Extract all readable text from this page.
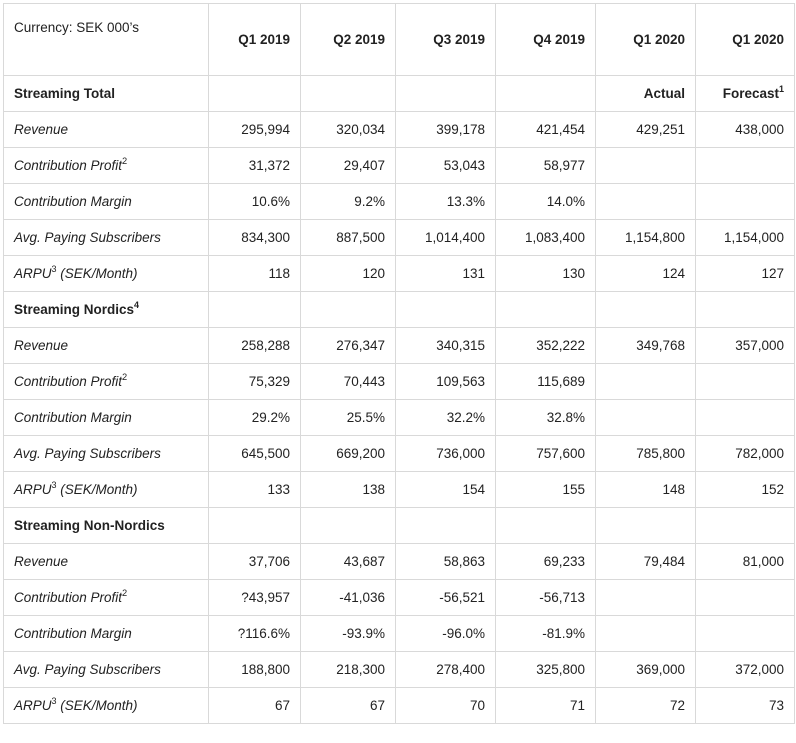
Currency: SEK 000’s	Q1 2019	Q2 2019	Q3 2019	Q4 2019	Q1 2020	Q1 2020
Streaming Total					Actual	Forecast$^1$
Revenue	295,994	320,034	399,178	421,454	429,251	438,000
Contribution Profit$^2$	31,372	29,407	53,043	58,977		
Contribution Margin	10.6%	9.2%	13.3%	14.0%		
Avg. Paying Subscribers	834,300	887,500	1,014,400	1,083,400	1,154,800	1,154,000
ARPU$^3$ (SEK/Month)	118	120	131	130	124	127
Streaming Nordics$^4$						
Revenue	258,288	276,347	340,315	352,222	349,768	357,000
Contribution Profit$^2$	75,329	70,443	109,563	115,689		
Contribution Margin	29.2%	25.5%	32.2%	32.8%		
Avg. Paying Subscribers	645,500	669,200	736,000	757,600	785,800	782,000
ARPU$^3$ (SEK/Month)	133	138	154	155	148	152
Streaming Non-Nordics						
Revenue	37,706	43,687	58,863	69,233	79,484	81,000
Contribution Profit$^2$	?43,957	-41,036	-56,521	-56,713		
Contribution Margin	?116.6%	-93.9%	-96.0%	-81.9%		
Avg. Paying Subscribers	188,800	218,300	278,400	325,800	369,000	372,000
ARPU$^3$ (SEK/Month)	67	67	70	71	72	73
